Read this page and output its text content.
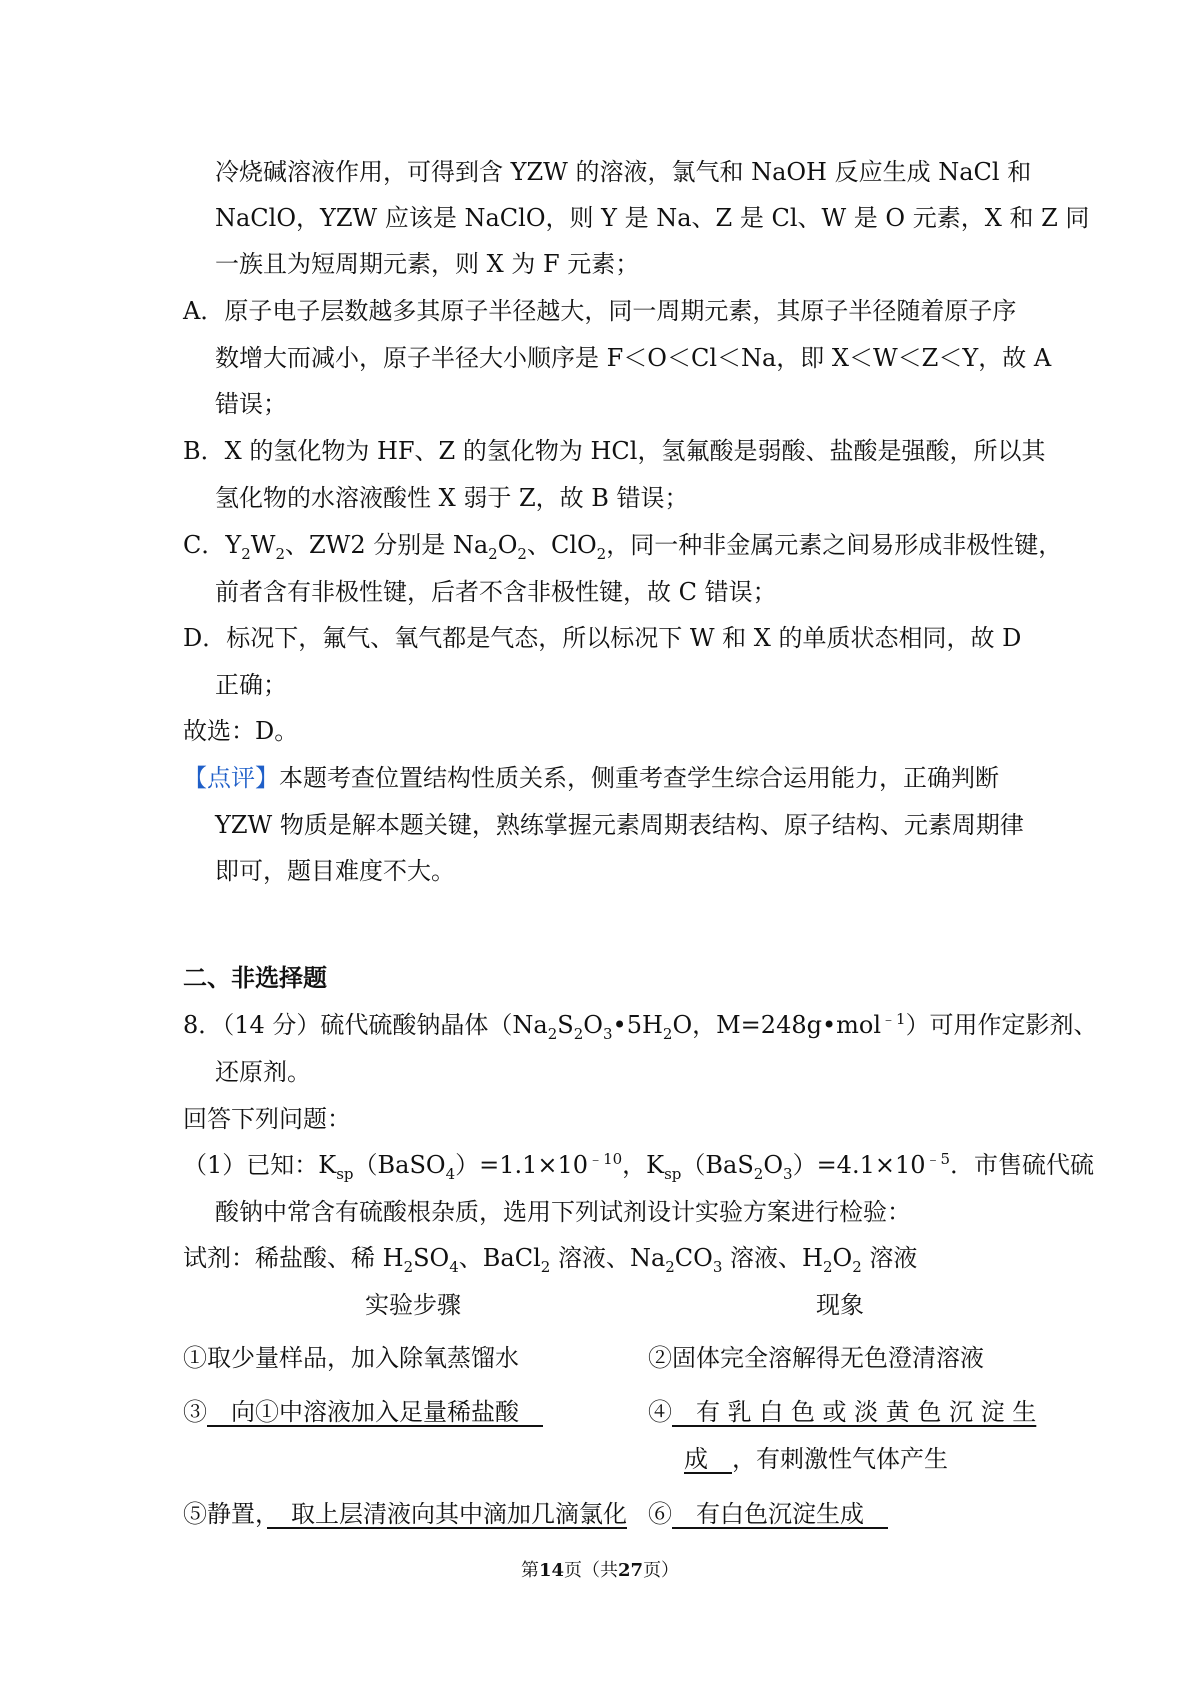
冷烧碱溶液作用，可得到含 YZW 的溶液，氯气和 NaOH 反应生成 NaCl 和
NaClO，YZW 应该是 NaClO，则 Y 是 Na、Z 是 Cl、W 是 O 元素，X 和 Z 同
一族且为短周期元素，则 X 为 F 元素；
A．原子电子层数越多其原子半径越大，同一周期元素，其原子半径随着原子序
数增大而减小，原子半径大小顺序是 F＜O＜Cl＜Na，即 X＜W＜Z＜Y，故 A
错误；
B．X 的氢化物为 HF、Z 的氢化物为 HCl，氢氟酸是弱酸、盐酸是强酸，所以其
氢化物的水溶液酸性 X 弱于 Z，故 B 错误；
C．$Y_2W_2$、ZW2 分别是 $Na_2O_2$、ClO$_2$，同一种非金属元素之间易形成非极性键，
前者含有非极性键，后者不含非极性键，故 C 错误；
D．标况下，氟气、氧气都是气态，所以标况下 W 和 X 的单质状态相同，故 D
正确；
故选：D。
【点评】本题考查位置结构性质关系，侧重考查学生综合运用能力，正确判断
YZW 物质是解本题关键，熟练掌握元素周期表结构、原子结构、元素周期律
即可，题目难度不大。
二、非选择题
8．（14 分）硫代硫酸钠晶体（$Na_2S_2O_3•5H_2O$，M=248g•mol$^{﹣1}$）可用作定影剂、
还原剂。
回答下列问题：
（1）已知：$K_{sp}(BaSO_4)=1.1\times 10^{﹣10}$，$K_{sp}(BaS_2O_3)=4.1\times 10^{﹣5}$．市售硫代硫
酸钠中常含有硫酸根杂质，选用下列试剂设计实验方案进行检验：
试剂：稀盐酸、稀 $H_2SO_4$、BaCl$_2$ 溶液、$Na_2CO_3$ 溶液、$H_2O_2$ 溶液
实验步骤	现象
①取少量样品，加入除氧蒸馏水	②固体完全溶解得无色澄清溶液
③　向①中溶液加入足量稀盐酸　	④　有 乳 白 色 或 淡 黄 色 沉 淀 生
成　，有刺激性气体产生
⑤静置，　取上层清液向其中滴加几滴氯化 ⑥　有白色沉淀生成　
第14页（共27页）
